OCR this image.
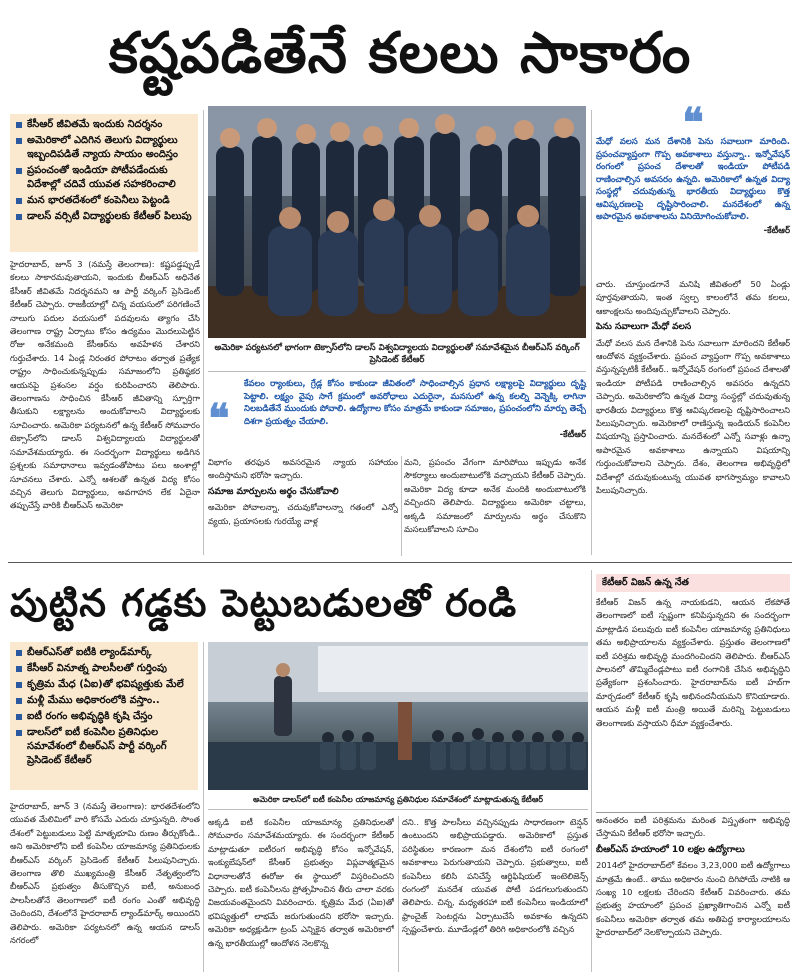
కష్టపడితేనే కలలు సాకారం
కేసీఆర్ జీవితమే ఇందుకు నిదర్శనం
అమెరికాలో ఎదిగిన తెలుగు విద్యార్థులు ఇబ్బందిపడితే న్యాయ సాయం అందిస్తం
ప్రపంచంతో ఇండియా పోటీపడేందుకు విదేశాల్లో చదివే యువత సహకరించాలి
మన భారతదేశంలో కంపెనీలు పెట్టండి
డాలస్ వర్సిటీ విద్యార్థులకు కేటీఆర్ పిలుపు
హైదరాబాద్, జూన్ 3 (నమస్తే తెలంగాణ): కష్టపడ్డప్పుడే కలలు సాకారమవుతాయని, ఇందుకు బీఆర్ఎస్ అధినేత కేసీఆర్ జీవితమే నిదర్శనమని ఆ పార్టీ వర్కింగ్ ప్రెసిడెంట్ కేటీఆర్ చెప్పారు. రాజకీయాల్లో చిన్న వయసులో పరిగణించే నాలుగు పదుల వయసులో పదవులను త్యాగం చేసి తెలంగాణ రాష్ట్ర ఏర్పాటు కోసం ఉద్యమం మొదలుపెట్టిన రోజు అనేకమంది కేసీఆర్‌ను అవహేళన చేశారని గుర్తుచేశారు. 14 ఏండ్ల నిరంతర పోరాటం తర్వాత ప్రత్యేక రాష్ట్రం సాధించుకున్నప్పుడు సమాజంలోని ప్రతిష్ఠకర ఆయనపై ప్రశంసల వర్షం కురిపించారని తెలిపారు. తెలంగాణను సాధించిన కేసీఆర్ జీవితాన్ని స్ఫూర్తిగా తీసుకుని లక్ష్యాలను అందుకోవాలని విద్యార్థులకు సూచించారు. అమెరికా పర్యటనలో ఉన్న కేటీఆర్ సోమవారం టెక్సాస్‌లోని డాలస్ విశ్వవిద్యాలయ విద్యార్థులతో సమావేశమయ్యారు. ఈ సందర్భంగా విద్యార్థులు అడిగిన ప్రశ్నలకు సమాధానాలు ఇవ్వడంతోపాటు పలు అంశాల్లో సూచనలు చేశారు. ఎన్నో ఆశలతో ఉన్నత విద్య కోసం వచ్చిన తెలుగు విద్యార్థులు, అవగాహన లేక ఏదైనా తప్పుచేస్తే వారికి బీఆర్ఎస్ అమెరికా
అమెరికా పర్యటనలో భాగంగా టెక్సాస్‌లోని డాలస్ విశ్వవిద్యాలయ విద్యార్థులతో సమావేశమైన బీఆర్ఎస్ వర్కింగ్ ప్రెసిడెంట్ కేటీఆర్
❝
కేవలం ర్యాంకులు, గ్రేడ్ల కోసం కాకుండా జీవితంలో సాధించాల్సిన ప్రధాన లక్ష్యాలపై విద్యార్థులు దృష్టి పెట్టాలి. లక్ష్యం వైపు సాగే క్రమంలో అవరోధాలు ఎదురైనా, మనసులో ఉన్న కలల్ని వెన్నెక్కి లాగినా నిలబడితేనే ముందుకు పోవాలి. ఉద్యోగాల కోసం మాత్రమే కాకుండా సమాజం, ప్రపంచంలోని మార్పు తెచ్చే దిశగా ప్రయత్నం చేయాలి.
-కేటీఆర్
విభాగం తరఫున అవసరమైన న్యాయ సహాయం అందిస్తామని భరోసా ఇచ్చారు.
సమాజ మార్పులను అర్థం చేసుకోవాలి
అమెరికా పోవాలన్నా, చదువుకోవాలన్నా గతంలో ఎన్నో వ్యయ, ప్రయాసలకు గురయ్యే వాళ్ల
మని, ప్రపంచం వేగంగా మారిపోయి ఇప్పుడు అనేక సౌకర్యాలు అందుబాటులోకి వచ్చాయని కేటీఆర్ చెప్పారు. అమెరికా విద్య కూడా అనేక మందికి అందుబాటులోకి వచ్చిందని తెలిపారు. విద్యార్థులు అమెరికా చట్టాలు, అక్కడి సమాజంలో మార్పులను అర్థం చేసుకొని మసలుకోవాలని సూచిం
❝
మేధో వలస మన దేశానికి పెను సవాలుగా మారింది. ప్రపంచవ్యాప్తంగా గొప్ప అవకాశాలు వస్తున్నా.. ఇన్నోవేషన్ రంగంలో ప్రపంచ దేశాలతో ఇండియా పోటీపడి రాణించాల్సిన అవసరం ఉన్నది. అమెరికాలో ఉన్నత విద్యా సంస్థల్లో చదువుతున్న భారతీయ విద్యార్థులు కొత్త ఆవిష్కరణలపై దృష్టిసారించాలి. మనదేశంలో ఉన్న అపారమైన అవకాశాలను వినియోగించుకోవాలి.
-కేటీఆర్
చారు. చూస్తుండగానే మనిషి జీవితంలో 50 ఏండ్లు పూర్తవుతాయని, ఇంత స్వల్ప కాలంలోనే తమ కలలు, ఆకాంక్షలను అందిపుచ్చుకోవాలని చెప్పారు.
పెను సవాలుగా మేధో వలస
మేధో వలస మన దేశానికి పెను సవాలుగా మారిందని కేటీఆర్ ఆందోళన వ్యక్తంచేశారు. ప్రపంచ వ్యాప్తంగా గొప్ప అవకాశాలు వస్తున్నప్పటికీ కేటీఆర్.. ఇన్నోవేషన్ రంగంలో ప్రపంచ దేశాలతో ఇండియా పోటీపడి రాణించాల్సిన అవసరం ఉన్నదని చెప్పారు. అమెరికాలోని ఉన్నత విద్యా సంస్థల్లో చదువుతున్న భారతీయ విద్యార్థులు కొత్త ఆవిష్కరణలపై దృష్టిసారించాలని పిలుపునిచ్చారు. అమెరికాలో రాణిస్తున్న ఇండియన్ కంపెనీల విషయాన్ని ప్రస్తావించారు. మనదేశంలో ఎన్నో సవాళ్లు ఉన్నా అపారమైన అవకాశాలు ఉన్నాయని విషయాన్ని గుర్తుంచుకోవాలని చెప్పారు. దేశం, తెలంగాణ అభివృద్ధిలో విదేశాల్లో చదువుకుంటున్న యువత భాగస్వామ్యం కావాలని పిలుపునిచ్చారు.
పుట్టిన గడ్డకు పెట్టుబడులతో రండి
బీఆర్ఎస్‌తో ఐటీకి ల్యాండ్‌మార్క్
కేసీఆర్ వినూత్న పాలసీలతో గుర్తింపు
కృత్రిమ మేధ (ఏఐ)తో భవిష్యత్తుకు మేలే
మళ్లీ మేము అధికారంలోకి వస్తాం..
ఐటీ రంగం అభివృద్ధికి కృషి చేస్తం
డాలస్‌లో ఐటీ కంపెనీల ప్రతినిధుల సమావేశంలో బీఆర్ఎస్ పార్టీ వర్కింగ్ ప్రెసిడెంట్ కేటీఆర్
అమెరికా డాలస్‌లో ఐటీ కంపెనీల యాజమాన్య ప్రతినిధుల సమావేశంలో మాట్లాడుతున్న కేటీఆర్
హైదరాబాద్, జూన్ 3 (నమస్తే తెలంగాణ): భారతదేశంలోని యువత మేలిమిలో వారి కోసమే ఎదురు చూస్తున్నది. సొంత దేశంలో పెట్టుబడులు పెట్టి మాతృభూమి రుణం తీర్చుకోండి.. అని అమెరికాలోని ఐటీ కంపెనీల యాజమాన్య ప్రతినిధులకు బీఆర్ఎస్ వర్కింగ్ ప్రెసిడెంట్ కేటీఆర్ పిలుపునిచ్చారు. తెలంగాణ తొలి ముఖ్యమంత్రి కేసీఆర్ నేతృత్వంలోని బీఆర్ఎస్ ప్రభుత్వం తీసుకొచ్చిన ఐటీ, అనుబంధ పాలసీలతోనే తెలంగాణలో ఐటీ రంగం ఎంతో అభివృద్ధి చెందిందని, దేశంలోనే హైదరాబాద్ ల్యాండ్‌మార్క్ అయిందని తెలిపారు. అమెరికా పర్యటనలో ఉన్న ఆయన డాలస్ నగరంలో
అక్కడి ఐటీ కంపెనీల యాజమాన్య ప్రతినిధులతో సోమవారం సమావేశమయ్యారు. ఈ సందర్భంగా కేటీఆర్ మాట్లాడుతూ ఐటీరంగ అభివృద్ధి కోసం ఇన్నోవేషన్, ఇంక్యుబేషన్‌లో కేసీఆర్ ప్రభుత్వం విప్లవాత్మకమైన విధానాలతోనే ఈరోజు ఈ స్థాయిలో విస్తరించిందని చెప్పారు. ఐటీ కంపెనీలను ప్రోత్సహించిన తీరు చాలా వరకు విజయవంతమైందని వివరించారు. కృత్రిమ మేధ (ఏఐ)తో భవిష్యత్తులో లాభమే జరుగుతుందని భరోసా ఇచ్చారు. అమెరికా అధ్యక్షుడిగా ట్రంప్ ఎన్నికైన తర్వాత అమెరికాలో ఉన్న భారతీయుల్లో ఆందోళన నెలకొన్న
దని.. కొత్త పాలసీలు వచ్చినప్పుడు సాధారణంగా టెన్షన్ ఉంటుందని అభిప్రాయపడ్డారు. అమెరికాలో ప్రస్తుత పరిస్థితుల కారణంగా మన దేశంలోని ఐటీ రంగంలో అవకాశాలు పెరుగుతాయని చెప్పారు. ప్రభుత్వాలు, ఐటీ కంపెనీలు కలిసి పనిచేస్తే ఆర్టిఫిషియల్ ఇంటెలిజెన్స్ రంగంలో మనదేశ యువత పోటీ పడగలుగుతుందని తెలిపారు. చిన్న, మధ్యతరహా ఐటీ కంపెనీలు ఇండియాలో ఫ్రాంచైజ్ సెంటర్లను ఏర్పాటుచేసే అవకాశం ఉన్నదని స్పష్టంచేశారు. మూడేండ్లలో తిరిగి అధికారంలోకి వచ్చిన
కేటీఆర్ విజన్ ఉన్న నేత
కేటీఆర్ విజన్ ఉన్న నాయకుడని, ఆయన లేకపోతే తెలంగాణలో ఐటీ స్పష్టంగా కనిపిస్తున్నదని ఈ సందర్భంగా మాట్లాడిన పలువురు ఐటీ కంపెనీల యాజమాన్య ప్రతినిధులు తమ అభిప్రాయాలను వ్యక్తంచేశారు. ప్రస్తుతం తెలంగాణలో ఐటీ పరిశ్రమ అభివృద్ధి మందగించిందని తెలిపారు. బీఆర్ఎస్ పాలనలో తొమ్మిదేండ్లపాటు ఐటీ రంగానికి చేసిన అభివృద్ధిని ప్రత్యేకంగా ప్రశంసించారు. హైదరాబాద్‌ను ఐటీ హబ్‌గా మార్చడంలో కేటీఆర్ కృషి అభినందనీయమని కొనియాడారు. ఆయన మళ్లీ ఐటీ మంత్రి అయితే మరిన్ని పెట్టుబడులు తెలంగాణకు వస్తాయని ధీమా వ్యక్తంచేశారు.
అనంతరం ఐటీ పరిశ్రమను మరింత విస్తృతంగా అభివృద్ధి చేస్తామని కేటీఆర్ భరోసా ఇచ్చారు.
బీఆర్ఎస్ హయాంలో 10 లక్షల ఉద్యోగాలు
2014లో హైదరాబాద్‌లో కేవలం 3,23,000 ఐటీ ఉద్యోగాలు మాత్రమే ఉంటే.. తాము అధికారం నుంచి దిగిపోయే నాటికి ఆ సంఖ్య 10 లక్షలకు చేరిందని కేటీఆర్ వివరించారు. తమ ప్రభుత్వ హయాంలో ప్రపంచ ప్రఖ్యాతిగాంచిన ఎన్నో ఐటీ కంపెనీలు అమెరికా తర్వాత తమ అతిపెద్ద కార్యాలయాలను హైదరాబాద్‌లో నెలకొల్పాయని చెప్పారు.
